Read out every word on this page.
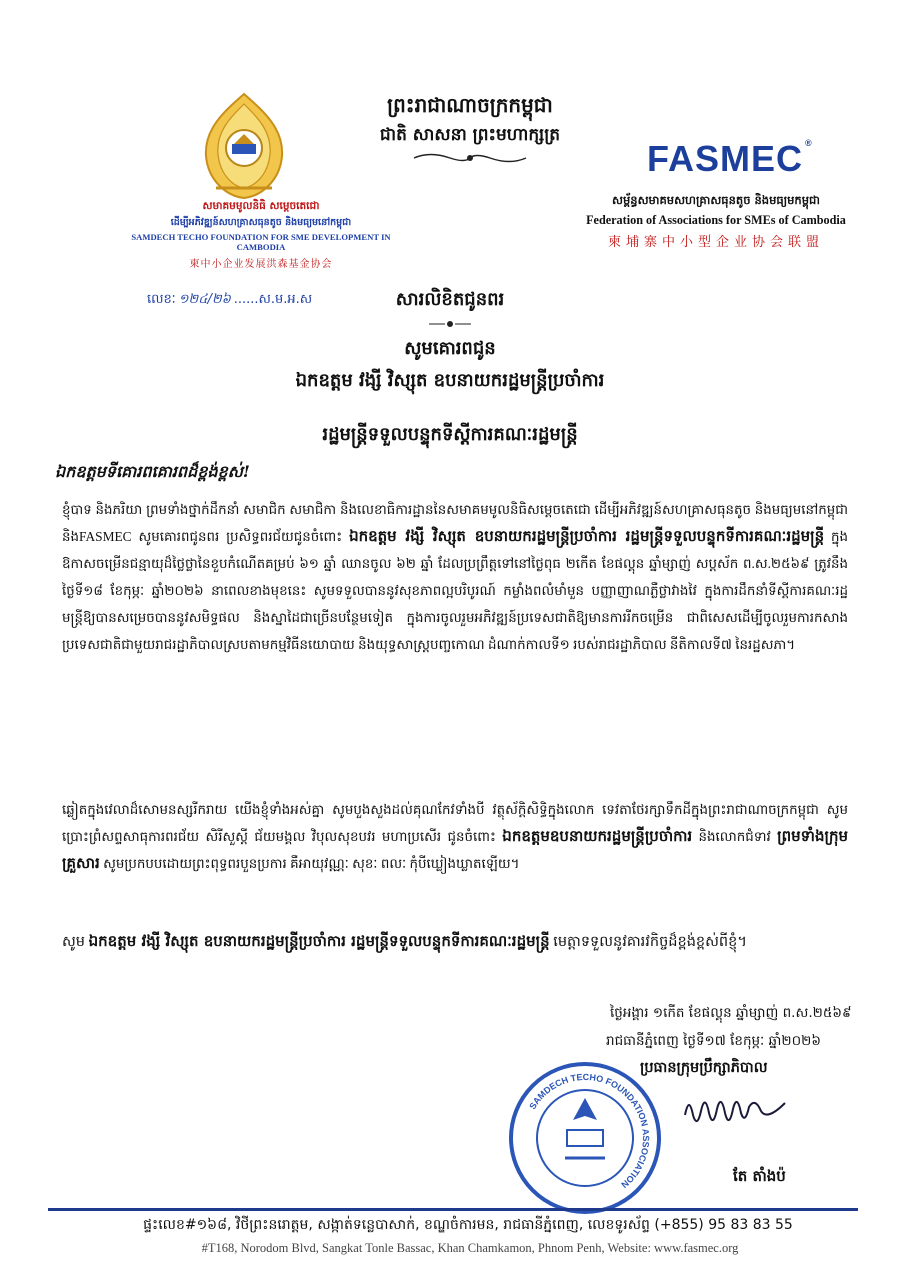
សមាគមមូលនិធិ សម្តេចតេជោ
ដើម្បីអភិវឌ្ឍន៍សហគ្រាសធុនតូច និងមធ្យមនៅកម្ពុជា
SAMDECH TECHO FOUNDATION FOR SME DEVELOPMENT IN CAMBODIA
柬中小企业发展洪森基金协会
លេខៈ ១២៤/២៦ ......ស.ម.អ.ស
ព្រះរាជាណាចក្រកម្ពុជា
ជាតិ សាសនា ព្រះមហាក្សត្រ
FASMEC ®
សម្ព័ន្ធសមាគមសហគ្រាសធុនតូច និងមធ្យមកម្ពុជា
Federation of Associations for SMEs of Cambodia
柬埔寨中小型企业协会联盟
សារលិខិតជូនពរ
សូមគោរពជូន
ឯកឧត្តម វង្សី វិស្សុត ឧបនាយករដ្ឋមន្ត្រីប្រចាំការ
រដ្ឋមន្ត្រីទទួលបន្ទុកទីស្តីការគណៈរដ្ឋមន្ត្រី
ឯកឧត្តមទីគោរពគោរពដ៏ខ្ពង់ខ្ពស់!
ខ្ញុំបាទ និងភរិយា ព្រមទាំងថ្នាក់ដឹកនាំ សមាជិក សមាជិកា និងលេខាធិការដ្ឋាននៃសមាគមមូលនិធិសម្តេចតេជោ ដើម្បីអភិវឌ្ឍន៍សហគ្រាសធុនតូច និងមធ្យមនៅកម្ពុជា និងFASMEC សូមគោរពជូនពរ ប្រសិទ្ធពរជ័យជូនចំពោះ ឯកឧត្តម វង្សី វិស្សុត ឧបនាយករដ្ឋមន្ត្រីប្រចាំការ រដ្ឋមន្ត្រីទទួលបន្ទុកទីការគណៈរដ្ឋមន្ត្រី ក្នុងឱកាសចម្រើនជន្មាយុដ៏ថ្លៃថ្លានៃខួបកំណើតគម្រប់ ៦១ ឆ្នាំ ឈានចូល ៦២ ឆ្នាំ ដែលប្រព្រឹត្តទៅនៅថ្ងៃពុធ ២កើត ខែផល្គុន ឆ្នាំម្សាញ់ សប្តស័ក ព.ស.២៥៦៩ ត្រូវនឹងថ្ងៃទី១៨ ខែកុម្ភៈ ឆ្នាំ២០២៦ នាពេលខាងមុខនេះ សូមទទួលបាននូវសុខភាពល្អបរិបូរណ៍ កម្លាំងពលំមាំមួន បញ្ញាញាណភ្លឺថ្លាវាងវៃ ក្នុងការដឹកនាំទីស្តីការគណៈរដ្ឋមន្ត្រីឱ្យបានសម្រេចបាននូវសមិទ្ធផល និងស្នាដៃជាច្រើនបន្ថែមទៀត ក្នុងការចូលរួមអភិវឌ្ឍន៍ប្រទេសជាតិឱ្យមានការរីកចម្រើន ជាពិសេសដើម្បីចូលរួមការកសាងប្រទេសជាតិជាមួយរាជរដ្ឋាភិបាលស្របតាមកម្មវិធីនយោបាយ និងយុទ្ធសាស្ត្របញ្ចកោណ ដំណាក់កាលទី១ របស់រាជរដ្ឋាភិបាល នីតិកាលទី៧ នៃរដ្ឋសភា។
ឆ្លៀតក្នុងវេលាដ៏សោមនស្សរីករាយ យើងខ្ញុំទាំងអស់គ្នា សូមបួងសួងដល់គុណកែវទាំងបី វត្ថុស័ក្តិសិទ្ធិក្នុងលោក ទេវតាថែរក្សាទឹកដីក្នុងព្រះរាជាណាចក្រកម្ពុជា សូមប្រោះព្រំសព្ទសាធុការពរជ័យ សិរីសួស្តី ជ័យមង្គល វិបុលសុខបវរ មហាប្រសើរ ជូនចំពោះ ឯកឧត្តមឧបនាយករដ្ឋមន្ត្រីប្រចាំការ និងលោកជំទាវ ព្រមទាំងក្រុមគ្រួសារ សូមប្រកបបដោយព្រះពុទ្ធពរបួនប្រការ គឺអាយុវណ្ណៈ សុខៈ ពលៈ កុំបីឃ្លៀងឃ្លាតឡើយ។
សូម ឯកឧត្តម វង្សី វិស្សុត ឧបនាយករដ្ឋមន្ត្រីប្រចាំការ រដ្ឋមន្ត្រីទទួលបន្ទុកទីការគណៈរដ្ឋមន្ត្រី មេត្តាទទួលនូវគារវកិច្ចដ៏ខ្ពង់ខ្ពស់ពីខ្ញុំ។
ថ្ងៃអង្គារ ១កើត ខែផល្គុន ឆ្នាំម្សាញ់ ព.ស.២៥៦៩
រាជធានីភ្នំពេញ ថ្ងៃទី១៧ ខែកុម្ភៈ ឆ្នាំ២០២៦
SAMDECH TECHO FOUNDATION ASSOCIATION
ប្រធានក្រុមប្រឹក្សាភិបាល
តែ តាំងប៉
ផ្ទះលេខ#១៦៨, វិថីព្រះនរោត្តម, សង្កាត់ទន្លេបាសាក់, ខណ្ឌចំការមន, រាជធានីភ្នំពេញ, លេខទូរស័ព្ទ (+855) 95 83 83 55
#T168, Norodom Blvd, Sangkat Tonle Bassac, Khan Chamkamon, Phnom Penh, Website: www.fasmec.org
